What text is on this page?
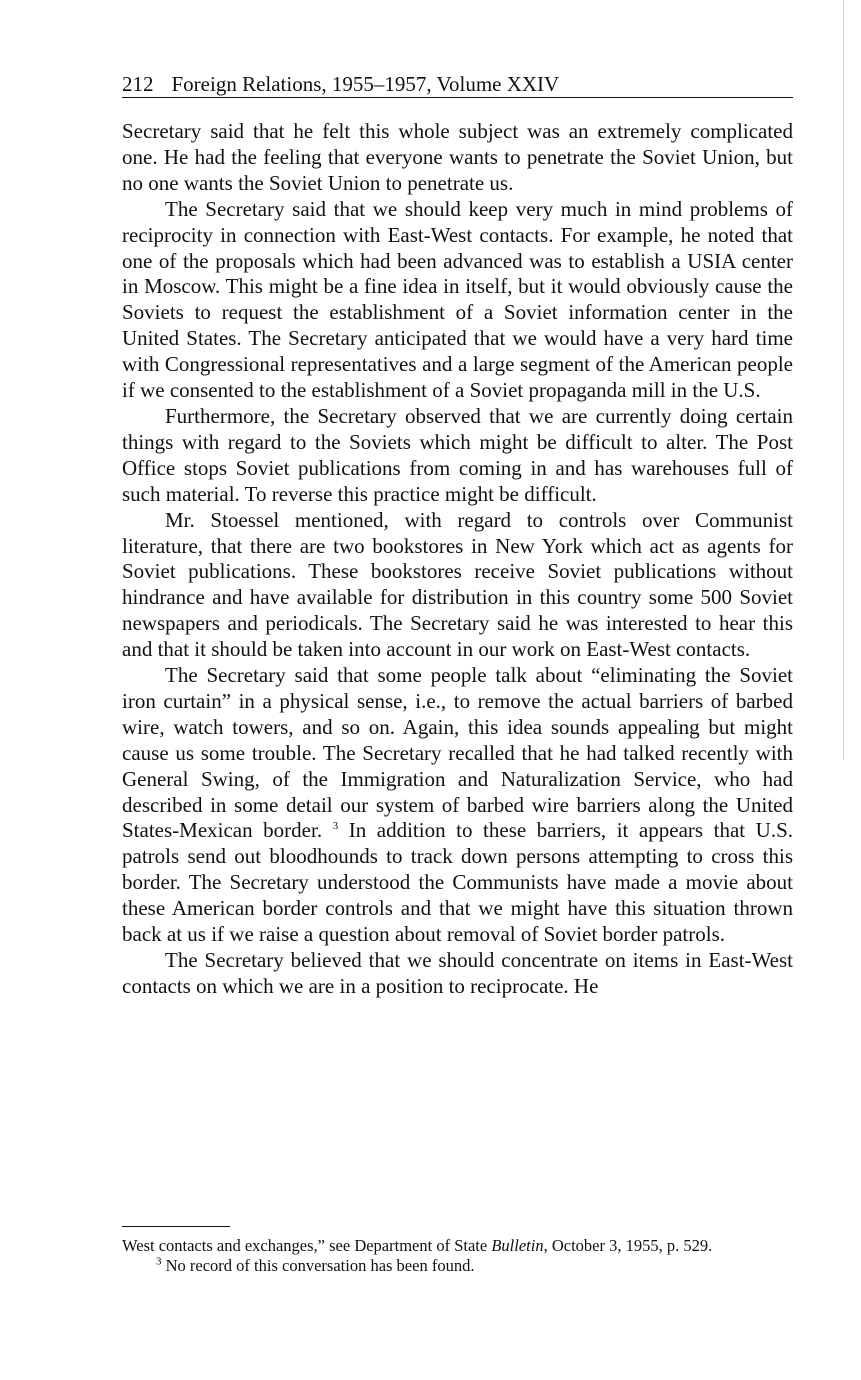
212 Foreign Relations, 1955–1957, Volume XXIV

Secretary said that he felt this whole subject was an extremely complicated one. He had the feeling that everyone wants to penetrate the Soviet Union, but no one wants the Soviet Union to penetrate us.

The Secretary said that we should keep very much in mind problems of reciprocity in connection with East-West contacts. For example, he noted that one of the proposals which had been advanced was to establish a USIA center in Moscow. This might be a fine idea in itself, but it would obviously cause the Soviets to request the establishment of a Soviet information center in the United States. The Secretary anticipated that we would have a very hard time with Congressional representatives and a large segment of the American people if we consented to the establishment of a Soviet propaganda mill in the U.S.

Furthermore, the Secretary observed that we are currently doing certain things with regard to the Soviets which might be difficult to alter. The Post Office stops Soviet publications from coming in and has warehouses full of such material. To reverse this practice might be difficult.

Mr. Stoessel mentioned, with regard to controls over Communist literature, that there are two bookstores in New York which act as agents for Soviet publications. These bookstores receive Soviet publications without hindrance and have available for distribution in this country some 500 Soviet newspapers and periodicals. The Secretary said he was interested to hear this and that it should be taken into account in our work on East-West contacts.

The Secretary said that some people talk about “eliminating the Soviet iron curtain” in a physical sense, i.e., to remove the actual barriers of barbed wire, watch towers, and so on. Again, this idea sounds appealing but might cause us some trouble. The Secretary recalled that he had talked recently with General Swing, of the Immigration and Naturalization Service, who had described in some detail our system of barbed wire barriers along the United States-Mexican border. $^3$ In addition to these barriers, it appears that U.S. patrols send out bloodhounds to track down persons attempting to cross this border. The Secretary understood the Communists have made a movie about these American border controls and that we might have this situation thrown back at us if we raise a question about removal of Soviet border patrols.

The Secretary believed that we should concentrate on items in East-West contacts on which we are in a position to reciprocate. He

West contacts and exchanges,” see Department of State Bulletin, October 3, 1955, p. 529.

$^3$ No record of this conversation has been found.
